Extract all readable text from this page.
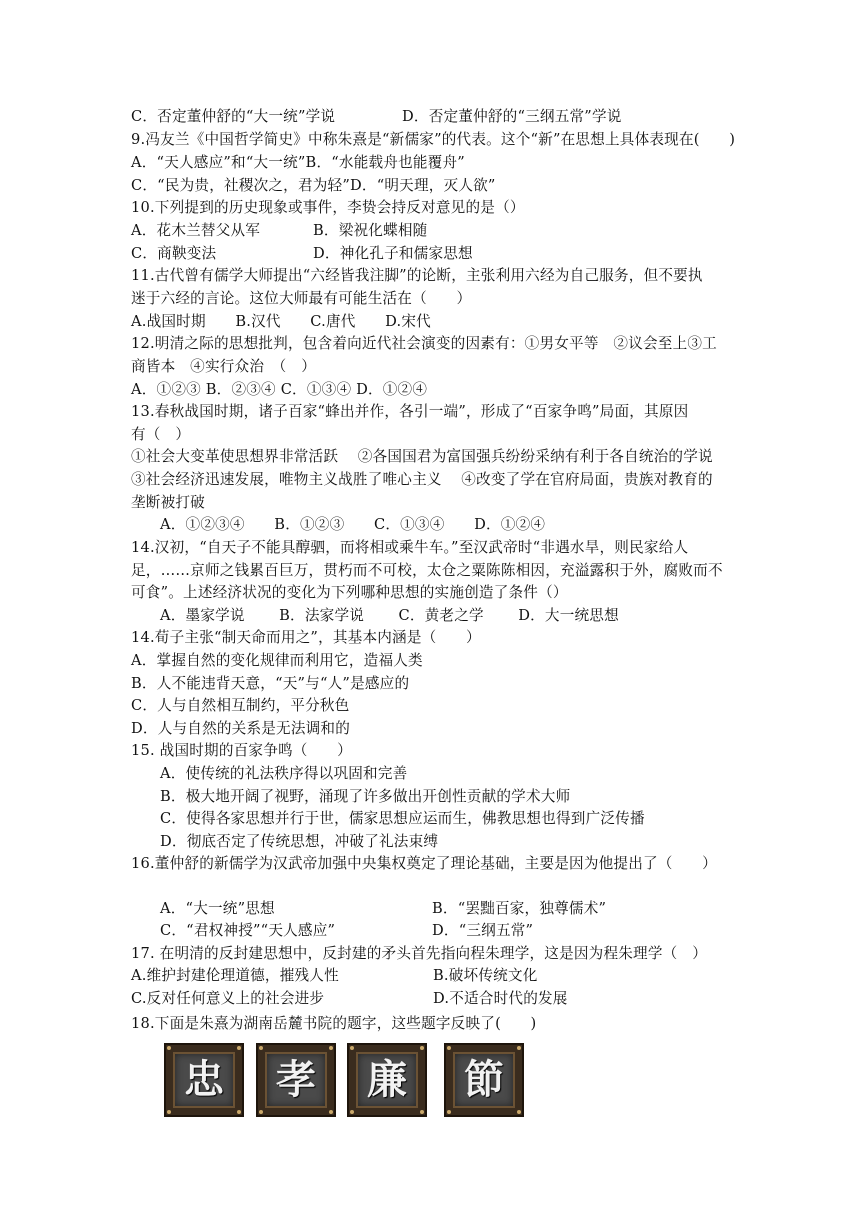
C．否定董仲舒的“大一统”学说	D．否定董仲舒的“三纲五常”学说
9.冯友兰《中国哲学简史》中称朱熹是“新儒家”的代表。这个“新”在思想上具体表现在(　　)
A．“天人感应”和“大一统”B．“水能载舟也能覆舟”
C．“民为贵，社稷次之，君为轻”D．“明天理，灭人欲”
10.下列提到的历史现象或事件，李贽会持反对意见的是（）
A．花木兰替父从军	B．梁祝化蝶相随
C．商鞅变法	D．神化孔子和儒家思想
11.古代曾有儒学大师提出“六经皆我注脚”的论断，主张利用六经为自己服务，但不要执
迷于六经的言论。这位大师最有可能生活在（　　）
A.战国时期　　B.汉代　　C.唐代　　D.宋代
12.明清之际的思想批判，包含着向近代社会演变的因素有：①男女平等　②议会至上③工
商皆本　④实行众治　（　）
A．①②③ B．②③④ C．①③④ D．①②④
13.春秋战国时期，诸子百家“蜂出并作，各引一端”，形成了“百家争鸣”局面，其原因
有（　）
①社会大变革使思想界非常活跃　 ②各国国君为富国强兵纷纷采纳有利于各自统治的学说
③社会经济迅速发展，唯物主义战胜了唯心主义　 ④改变了学在官府局面，贵族对教育的
垄断被打破
A．①②③④　　B．①②③　　C．①③④　　D．①②④
14.汉初，“自天子不能具醇驷，而将相或乘牛车。”至汉武帝时“非遇水旱，则民家给人
足，……京师之钱累百巨万，贯朽而不可校，太仓之粟陈陈相因，充溢露积于外，腐败而不
可食”。上述经济状况的变化为下列哪种思想的实施创造了条件（）
A．墨家学说　　 B．法家学说　　 C．黄老之学　　 D．大一统思想
14.荀子主张“制天命而用之”，其基本内涵是（　　）
A．掌握自然的变化规律而利用它，造福人类
B．人不能违背天意，“天”与“人”是感应的
C．人与自然相互制约，平分秋色
D．人与自然的关系是无法调和的
15. 战国时期的百家争鸣（　　）
A．使传统的礼法秩序得以巩固和完善
B．极大地开阔了视野，涌现了许多做出开创性贡献的学术大师
C．使得各家思想并行于世，儒家思想应运而生，佛教思想也得到广泛传播
D．彻底否定了传统思想，冲破了礼法束缚
16.董仲舒的新儒学为汉武帝加强中央集权奠定了理论基础，主要是因为他提出了（　　）
A．“大一统”思想	B．“罢黜百家，独尊儒术”
C．“君权神授”“天人感应”	D．“三纲五常”
17. 在明清的反封建思想中，反封建的矛头首先指向程朱理学，这是因为程朱理学（　）
A.维护封建伦理道德，摧残人性	B.破坏传统文化
C.反对任何意义上的社会进步	D.不适合时代的发展
18.下面是朱熹为湖南岳麓书院的题字，这些题字反映了(　　)
忠 孝 廉 節
